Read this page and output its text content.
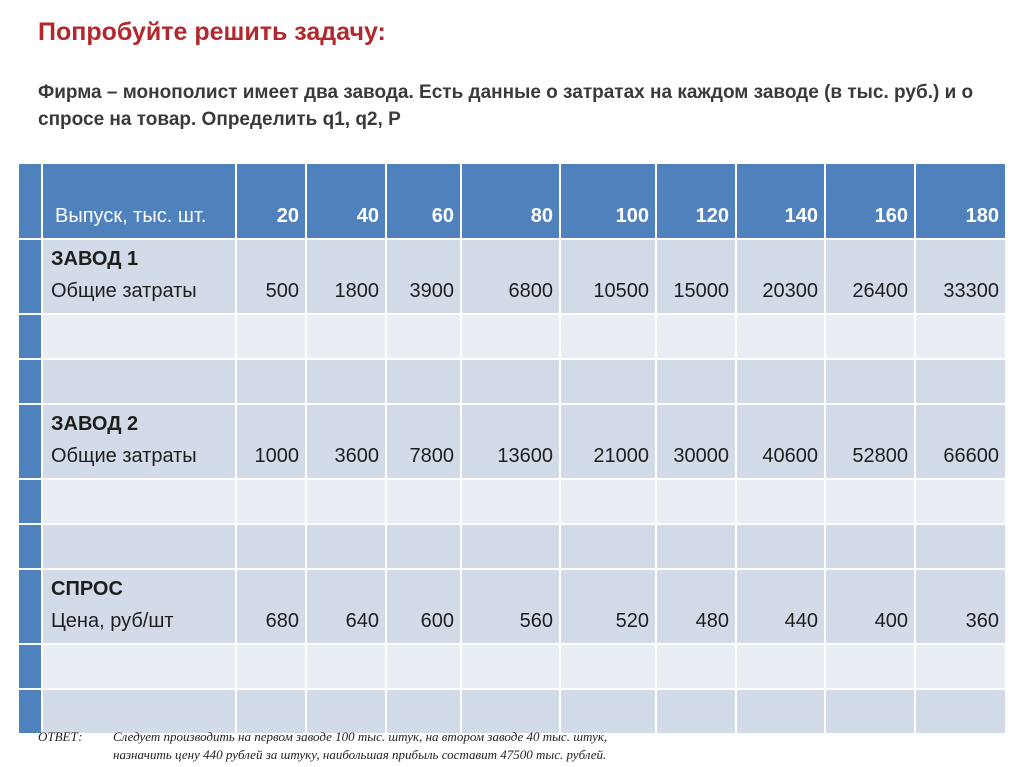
Попробуйте решить задачу:

Фирма – монополист имеет два завода. Есть данные о затратах на каждом заводе (в тыс. руб.) и о спросе на товар. Определить q1, q2, P

	Выпуск, тыс. шт.	20	40	60	80	100	120	140	160	180

	ЗАВОД 1
Общие затраты	500	1800	3900	6800	10500	15000	20300	26400	33300

	ЗАВОД 2
Общие затраты	1000	3600	7800	13600	21000	30000	40600	52800	66600

	СПРОС
Цена, руб/шт	680	640	600	560	520	480	440	400	360

ОТВЕТ: Следует производить на первом заводе 100 тыс. штук, на втором заводе 40 тыс. штук,
назначить цену 440 рублей за штуку, наибольшая прибыль составит 47500 тыс. рублей.
